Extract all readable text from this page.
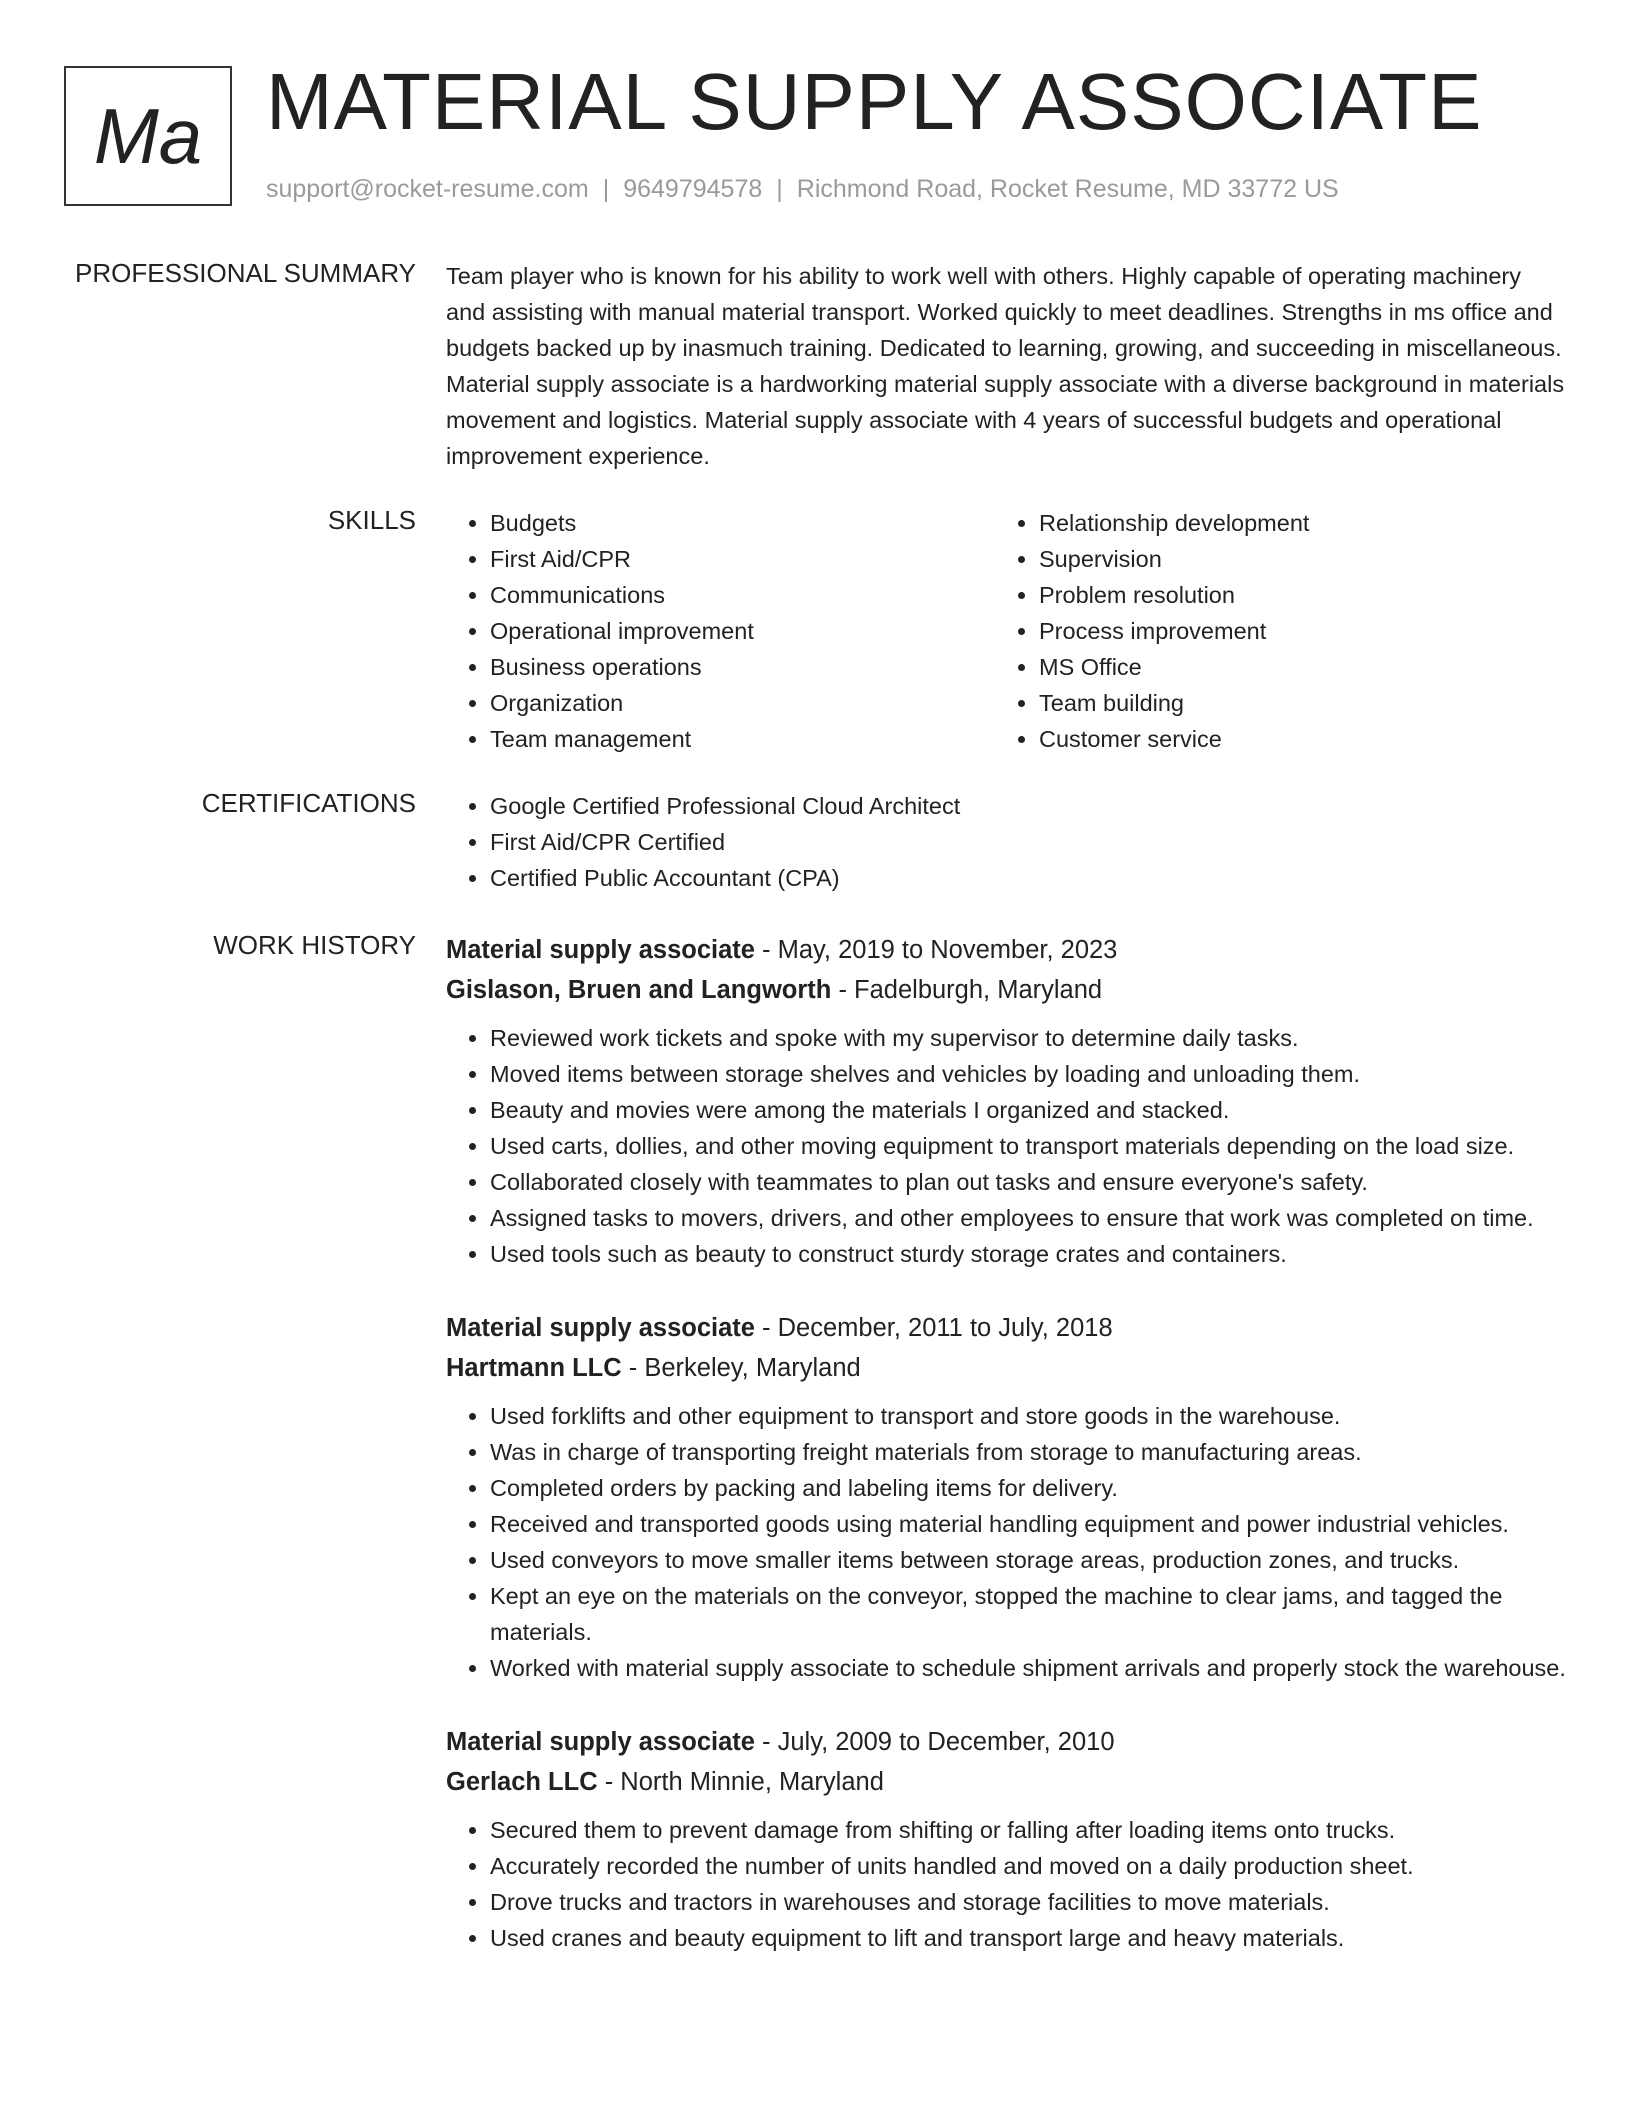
Ma MATERIAL SUPPLY ASSOCIATE
support@rocket-resume.com | 9649794578 | Richmond Road, Rocket Resume, MD 33772 US
PROFESSIONAL SUMMARY Team player who is known for his ability to work well with others. Highly capable of operating machinery and assisting with manual material transport. Worked quickly to meet deadlines. Strengths in ms office and budgets backed up by inasmuch training. Dedicated to learning, growing, and succeeding in miscellaneous. Material supply associate is a hardworking material supply associate with a diverse background in materials movement and logistics. Material supply associate with 4 years of successful budgets and operational improvement experience.
SKILLS	• Budgets
• First Aid/CPR
• Communications
• Operational improvement
• Business operations
• Organization
• Team management
• Relationship development
• Supervision
• Problem resolution
• Process improvement
• MS Office
• Team building
• Customer service
CERTIFICATIONS	• Google Certified Professional Cloud Architect
• First Aid/CPR Certified
• Certified Public Accountant (CPA)
WORK HISTORY Material supply associate - May, 2019 to November, 2023
Gislason, Bruen and Langworth - Fadelburgh, Maryland
• Reviewed work tickets and spoke with my supervisor to determine daily tasks.
• Moved items between storage shelves and vehicles by loading and unloading them.
• Beauty and movies were among the materials I organized and stacked.
• Used carts, dollies, and other moving equipment to transport materials depending on the load size.
• Collaborated closely with teammates to plan out tasks and ensure everyone's safety.
• Assigned tasks to movers, drivers, and other employees to ensure that work was completed on time.
• Used tools such as beauty to construct sturdy storage crates and containers.
Material supply associate - December, 2011 to July, 2018
Hartmann LLC - Berkeley, Maryland
• Used forklifts and other equipment to transport and store goods in the warehouse.
• Was in charge of transporting freight materials from storage to manufacturing areas.
• Completed orders by packing and labeling items for delivery.
• Received and transported goods using material handling equipment and power industrial vehicles.
• Used conveyors to move smaller items between storage areas, production zones, and trucks.
• Kept an eye on the materials on the conveyor, stopped the machine to clear jams, and tagged the materials.
• Worked with material supply associate to schedule shipment arrivals and properly stock the warehouse.
Material supply associate - July, 2009 to December, 2010
Gerlach LLC - North Minnie, Maryland
• Secured them to prevent damage from shifting or falling after loading items onto trucks.
• Accurately recorded the number of units handled and moved on a daily production sheet.
• Drove trucks and tractors in warehouses and storage facilities to move materials.
• Used cranes and beauty equipment to lift and transport large and heavy materials.
